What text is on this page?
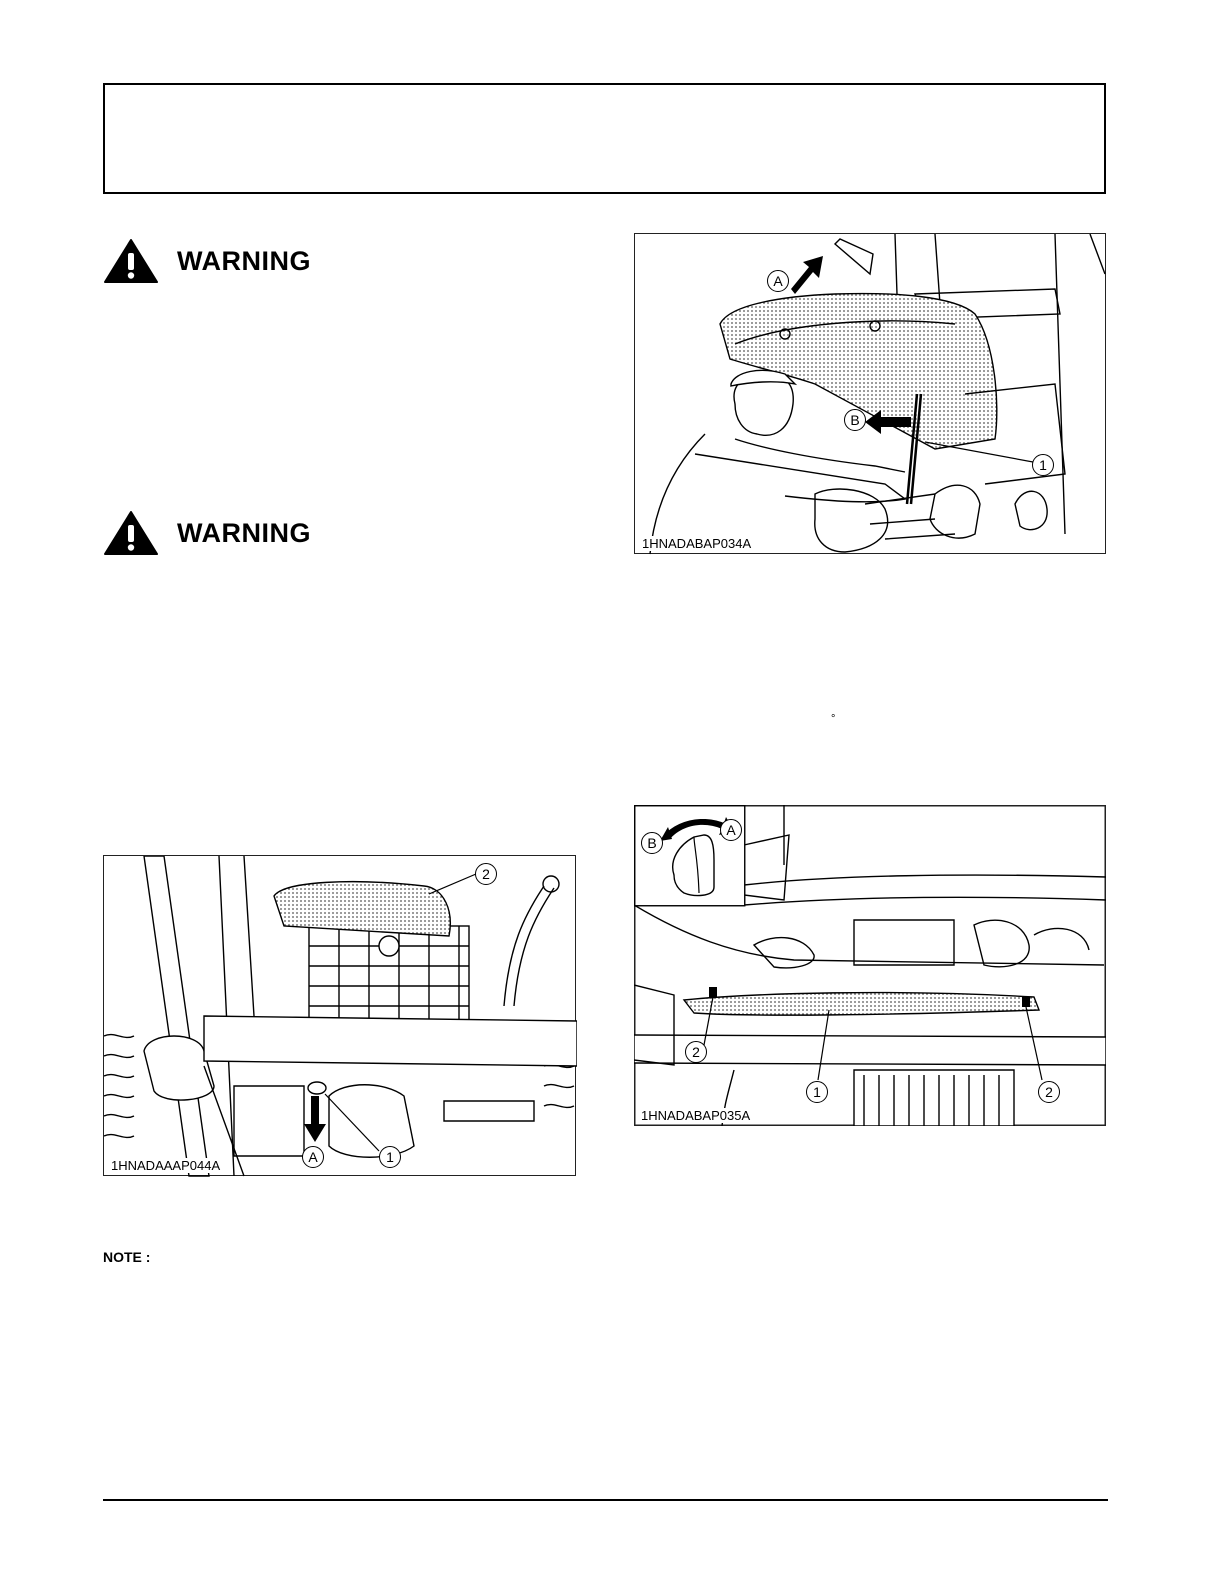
WARNING
WARNING
A
B
1
1HNADABAP034A
°
2
1
A
1HNADAAAP044A
B
A
2
1	2
1HNADABAP035A
NOTE :
